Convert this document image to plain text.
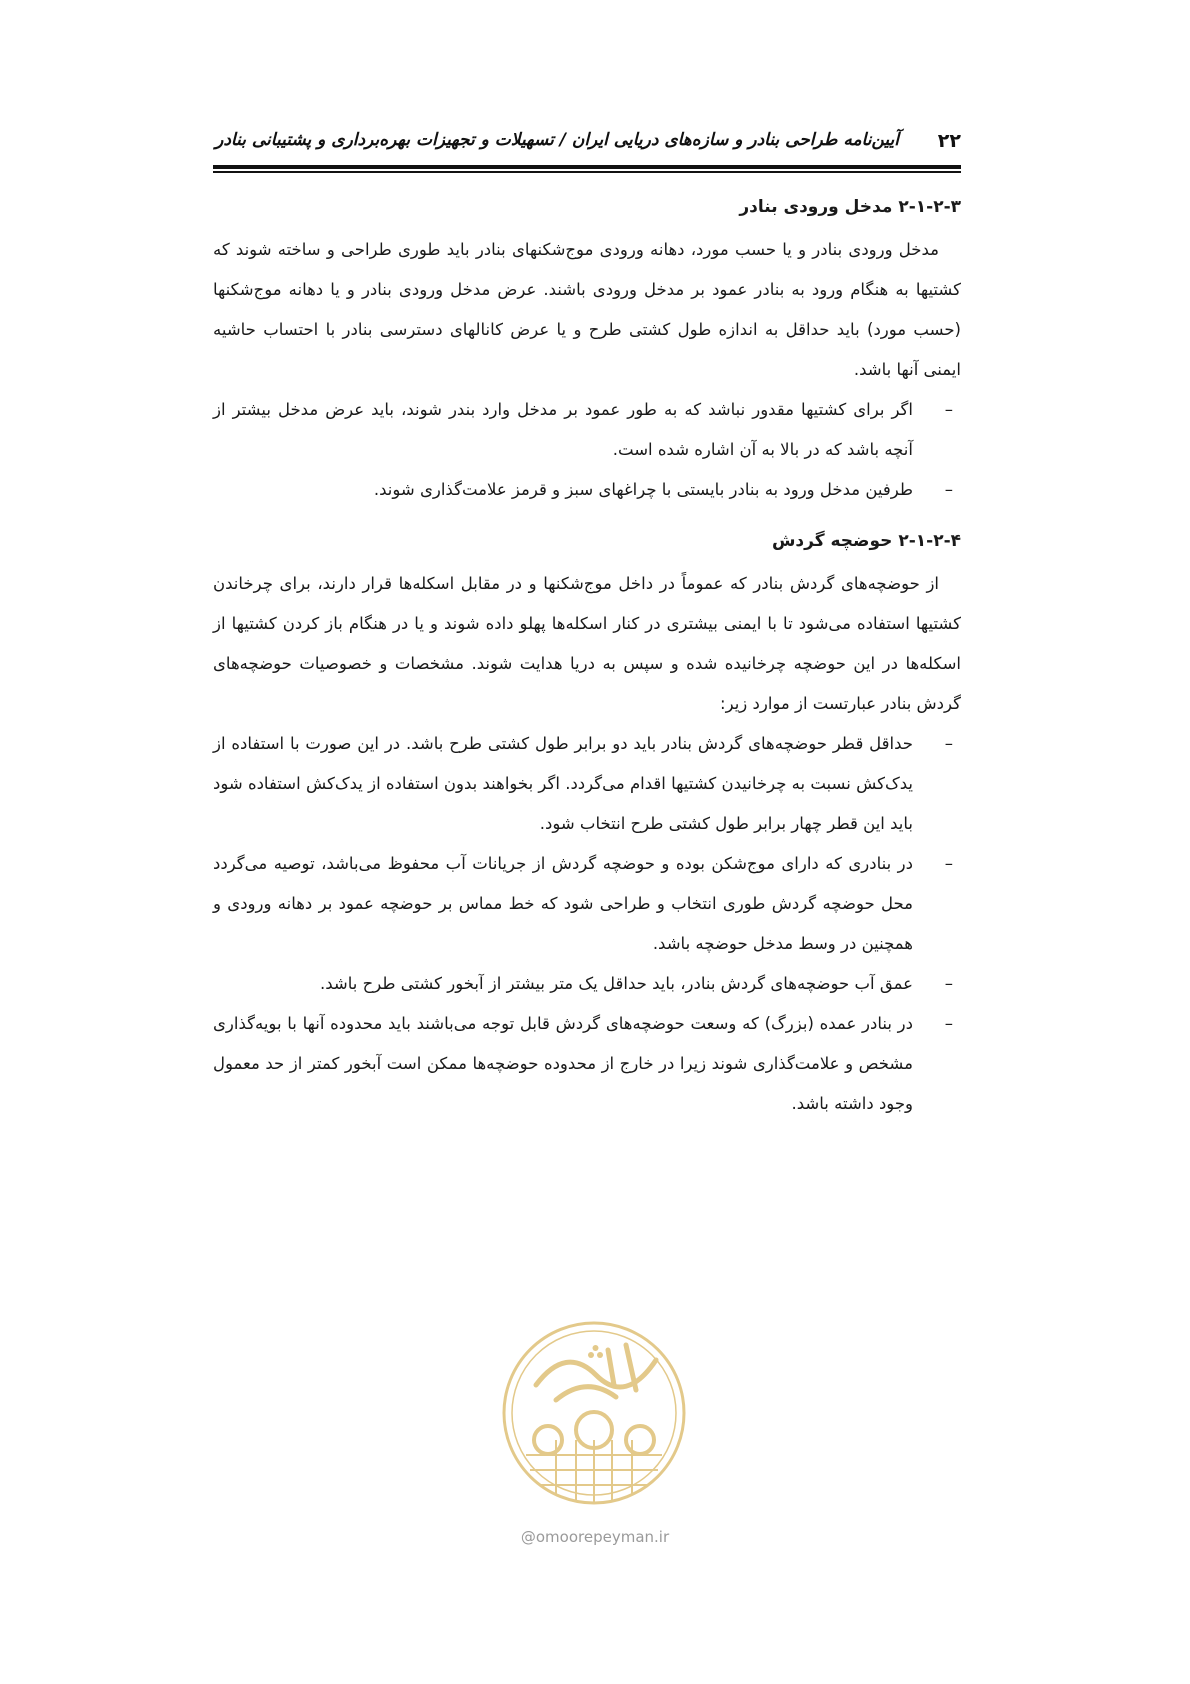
۲۲
آیین‌نامه طراحی بنادر و سازه‌های دریایی ایران / تسهیلات و تجهیزات بهره‌برداری و پشتیبانی بنادر
۲-۱-۲-۳ مدخل ورودی بنادر

مدخل ورودی بنادر و یا حسب مورد، دهانه ورودی موج‌شکنهای بنادر باید طوری طراحی و ساخته شوند که کشتیها به هنگام ورود به بنادر عمود بر مدخل ورودی باشند. عرض مدخل ورودی بنادر و یا دهانه موج‌شکنها (حسب مورد) باید حداقل به اندازه طول کشتی طرح و یا عرض کانالهای دسترسی بنادر با احتساب حاشیه ایمنی آنها باشد.

–
اگر برای کشتیها مقدور نباشد که به طور عمود بر مدخل وارد بندر شوند، باید عرض مدخل بیشتر از آنچه باشد که در بالا به آن اشاره شده است.
–
طرفین مدخل ورود به بنادر بایستی با چراغهای سبز و قرمز علامت‌گذاری شوند.
۲-۱-۲-۴ حوضچه گردش

از حوضچه‌های گردش بنادر که عموماً در داخل موج‌شکنها و در مقابل اسکله‌ها قرار دارند، برای چرخاندن کشتیها استفاده می‌شود تا با ایمنی بیشتری در کنار اسکله‌ها پهلو داده شوند و یا در هنگام باز کردن کشتیها از اسکله‌ها در این حوضچه چرخانیده شده و سپس به دریا هدایت شوند. مشخصات و خصوصیات حوضچه‌های گردش بنادر عبارتست از موارد زیر:

–
حداقل قطر حوضچه‌های گردش بنادر باید دو برابر طول کشتی طرح باشد. در این صورت با استفاده از یدک‌کش نسبت به چرخانیدن کشتیها اقدام می‌گردد. اگر بخواهند بدون استفاده از یدک‌کش استفاده شود باید این قطر چهار برابر طول کشتی طرح انتخاب شود.
–
در بنادری که دارای موج‌شکن بوده و حوضچه گردش از جریانات آب محفوظ می‌باشد، توصیه می‌گردد محل حوضچه گردش طوری انتخاب و طراحی شود که خط مماس بر حوضچه عمود بر دهانه ورودی و همچنین در وسط مدخل حوضچه باشد.
–
عمق آب حوضچه‌های گردش بنادر، باید حداقل یک متر بیشتر از آبخور کشتی طرح باشد.
–
در بنادر عمده (بزرگ) که وسعت حوضچه‌های گردش قابل توجه می‌باشند باید محدوده آنها با بویه‌گذاری مشخص و علامت‌گذاری شوند زیرا در خارج از محدوده حوضچه‌ها ممکن است آبخور کمتر از حد معمول وجود داشته باشد.
@omoorepeyman.ir
